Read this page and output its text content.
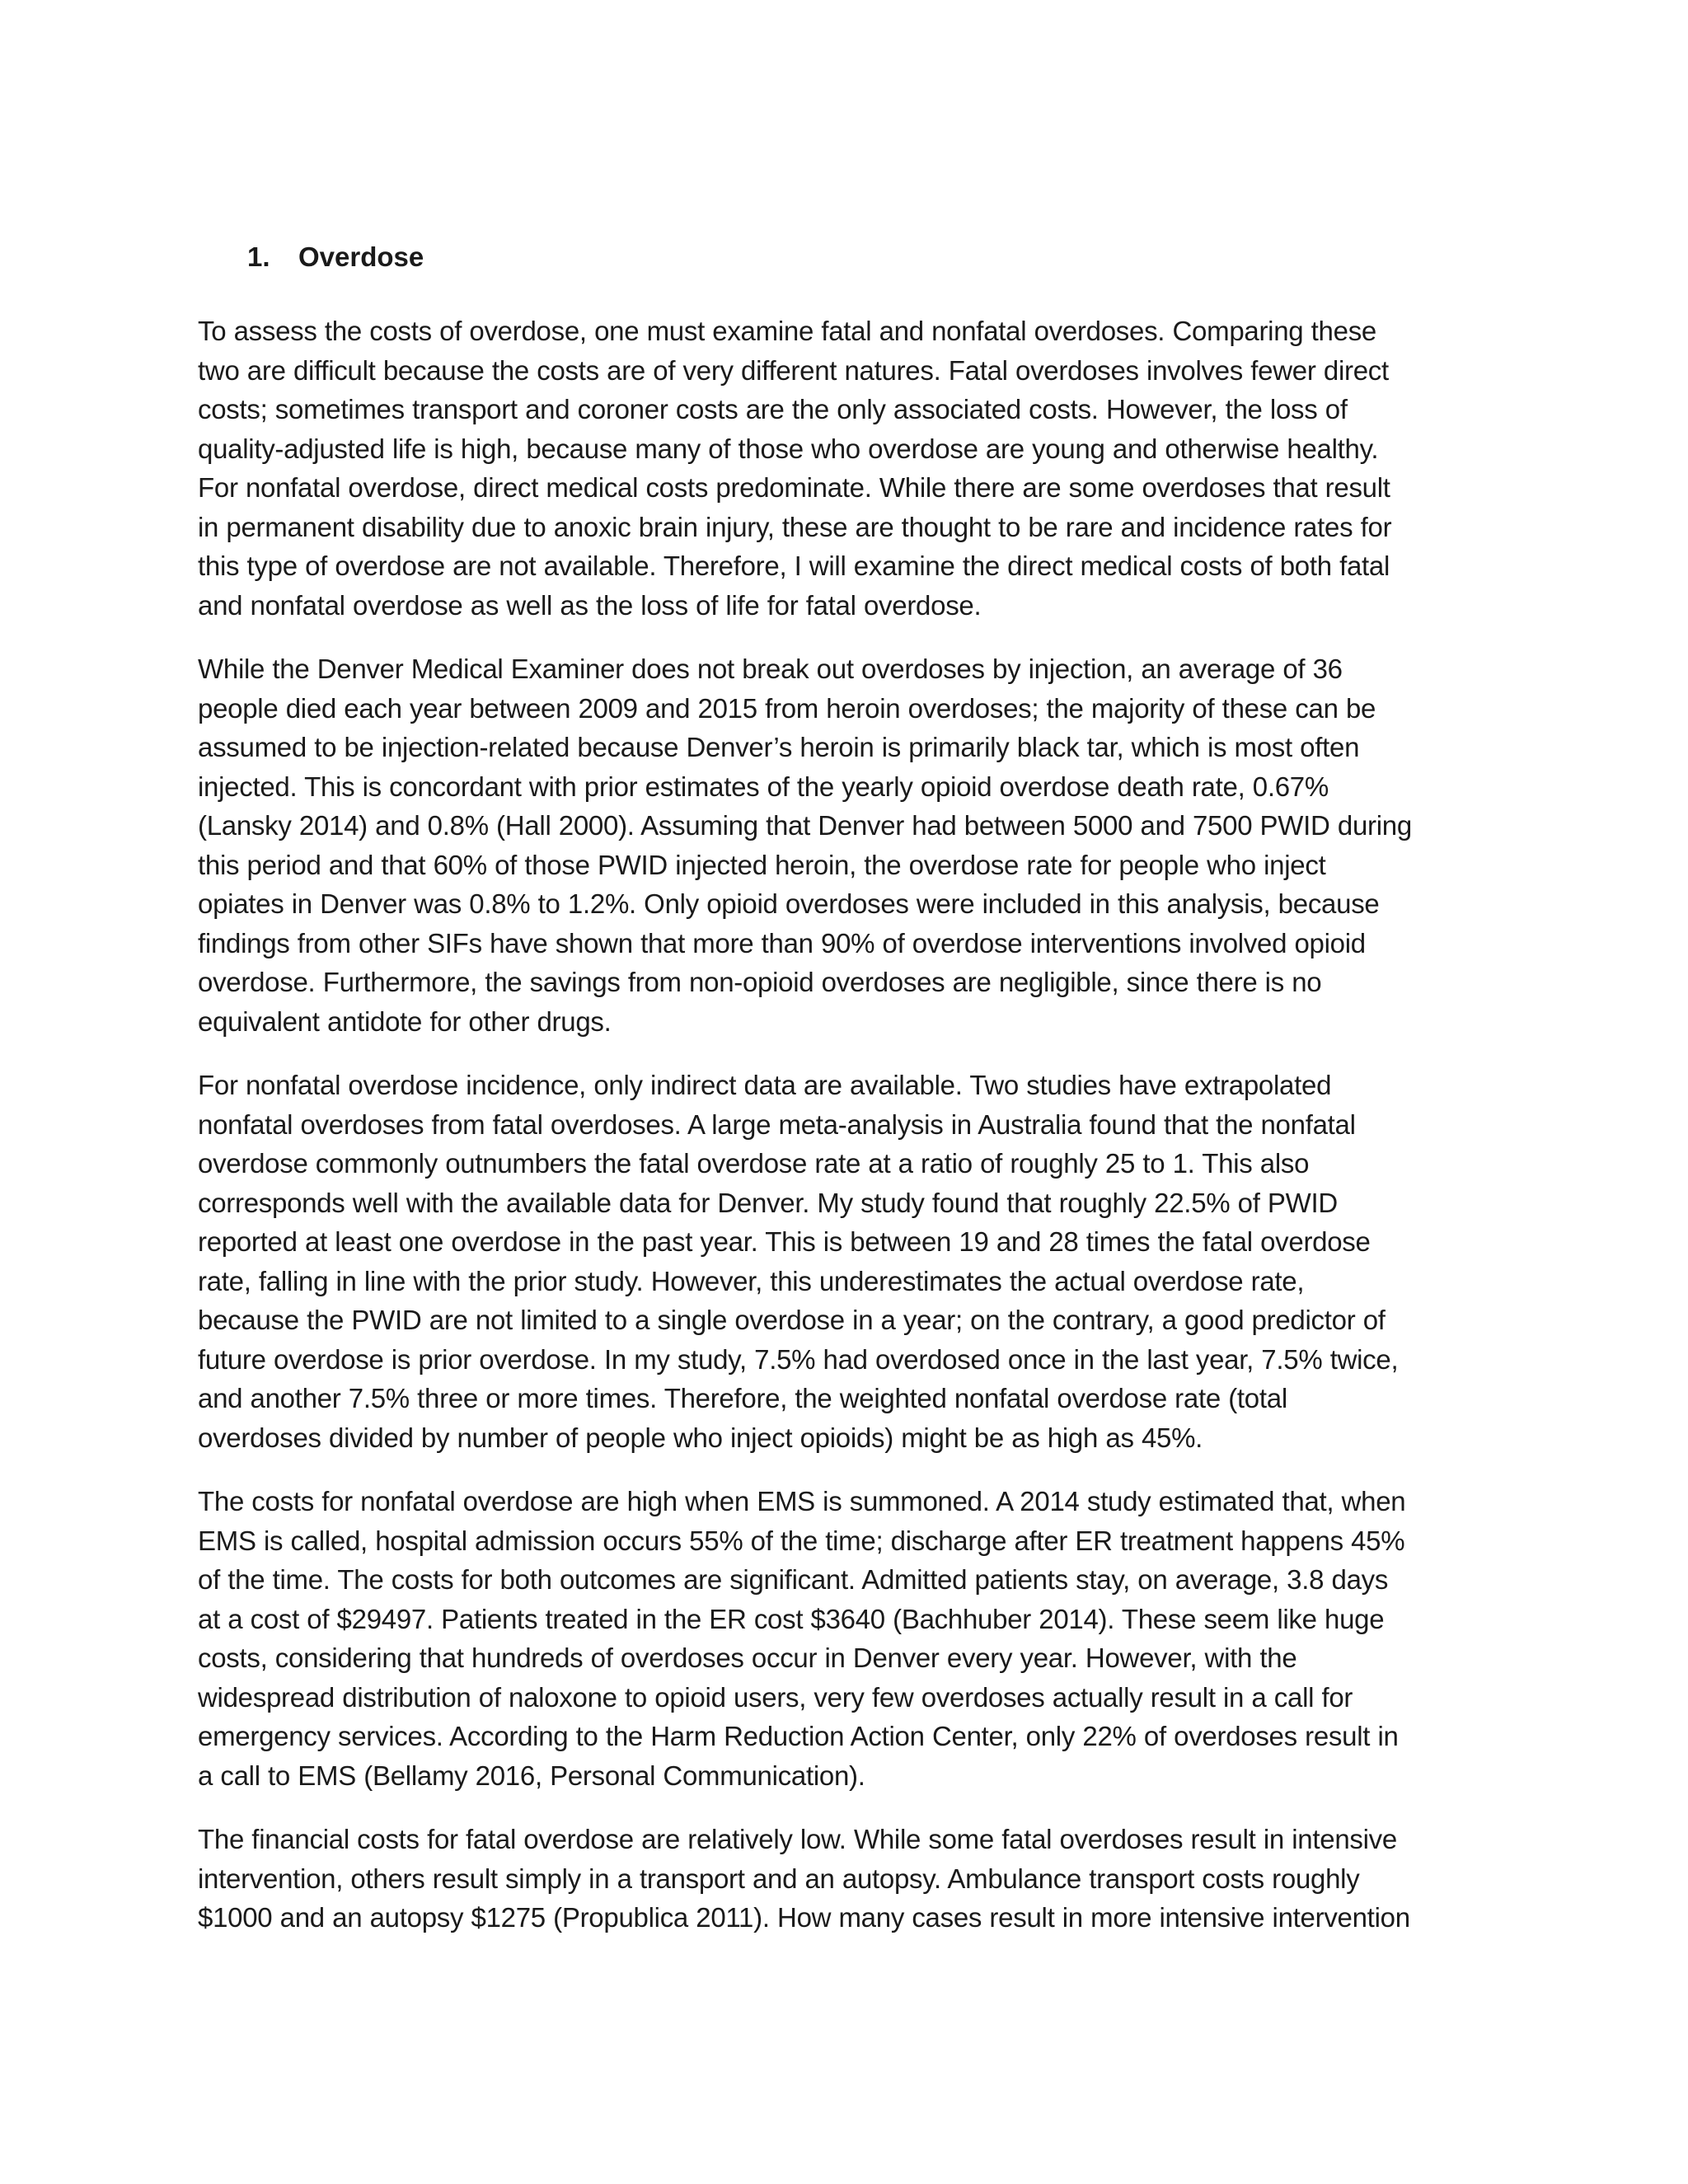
1. Overdose

To assess the costs of overdose, one must examine fatal and nonfatal overdoses. Comparing these
two are difficult because the costs are of very different natures. Fatal overdoses involves fewer direct
costs; sometimes transport and coroner costs are the only associated costs. However, the loss of
quality-adjusted life is high, because many of those who overdose are young and otherwise healthy.
For nonfatal overdose, direct medical costs predominate. While there are some overdoses that result
in permanent disability due to anoxic brain injury, these are thought to be rare and incidence rates for
this type of overdose are not available. Therefore, I will examine the direct medical costs of both fatal
and nonfatal overdose as well as the loss of life for fatal overdose.

While the Denver Medical Examiner does not break out overdoses by injection, an average of 36
people died each year between 2009 and 2015 from heroin overdoses; the majority of these can be
assumed to be injection-related because Denver’s heroin is primarily black tar, which is most often
injected. This is concordant with prior estimates of the yearly opioid overdose death rate, 0.67%
(Lansky 2014) and 0.8% (Hall 2000). Assuming that Denver had between 5000 and 7500 PWID during
this period and that 60% of those PWID injected heroin, the overdose rate for people who inject
opiates in Denver was 0.8% to 1.2%. Only opioid overdoses were included in this analysis, because
findings from other SIFs have shown that more than 90% of overdose interventions involved opioid
overdose. Furthermore, the savings from non-opioid overdoses are negligible, since there is no
equivalent antidote for other drugs.

For nonfatal overdose incidence, only indirect data are available. Two studies have extrapolated
nonfatal overdoses from fatal overdoses. A large meta-analysis in Australia found that the nonfatal
overdose commonly outnumbers the fatal overdose rate at a ratio of roughly 25 to 1. This also
corresponds well with the available data for Denver. My study found that roughly 22.5% of PWID
reported at least one overdose in the past year. This is between 19 and 28 times the fatal overdose
rate, falling in line with the prior study. However, this underestimates the actual overdose rate,
because the PWID are not limited to a single overdose in a year; on the contrary, a good predictor of
future overdose is prior overdose. In my study, 7.5% had overdosed once in the last year, 7.5% twice,
and another 7.5% three or more times. Therefore, the weighted nonfatal overdose rate (total
overdoses divided by number of people who inject opioids) might be as high as 45%.

The costs for nonfatal overdose are high when EMS is summoned. A 2014 study estimated that, when
EMS is called, hospital admission occurs 55% of the time; discharge after ER treatment happens 45%
of the time. The costs for both outcomes are significant. Admitted patients stay, on average, 3.8 days
at a cost of $29497. Patients treated in the ER cost $3640 (Bachhuber 2014). These seem like huge
costs, considering that hundreds of overdoses occur in Denver every year. However, with the
widespread distribution of naloxone to opioid users, very few overdoses actually result in a call for
emergency services. According to the Harm Reduction Action Center, only 22% of overdoses result in
a call to EMS (Bellamy 2016, Personal Communication).

The financial costs for fatal overdose are relatively low. While some fatal overdoses result in intensive
intervention, others result simply in a transport and an autopsy. Ambulance transport costs roughly
$1000 and an autopsy $1275 (Propublica 2011). How many cases result in more intensive intervention
